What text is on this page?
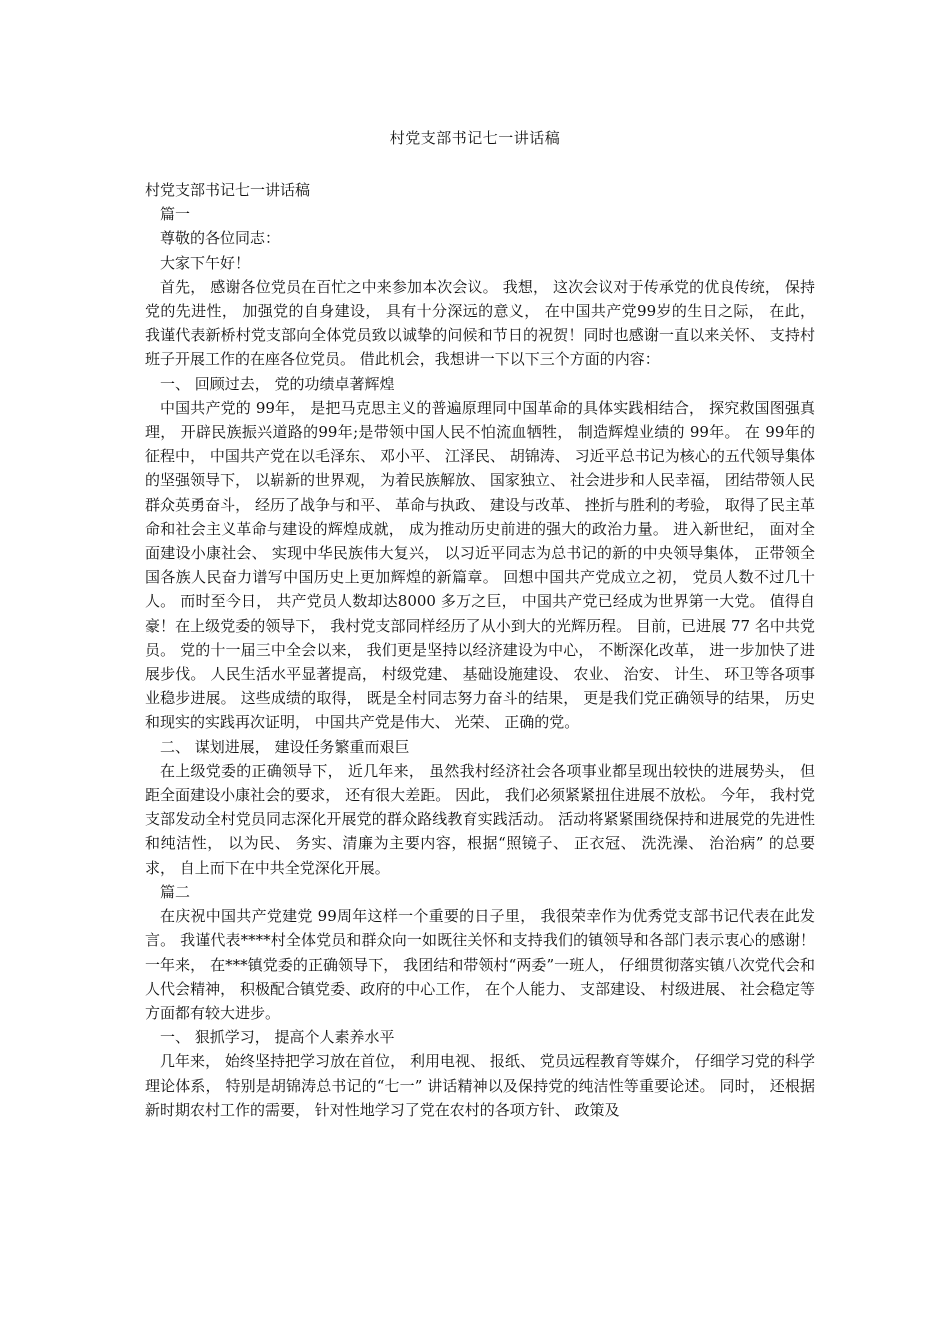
村党支部书记七一讲话稿

村党支部书记七一讲话稿

篇一

尊敬的各位同志：

大家下午好！

首先， 感谢各位党员在百忙之中来参加本次会议。 我想， 这次会议对于传承党的优良传统， 保持党的先进性， 加强党的自身建设， 具有十分深远的意义， 在中国共产党99岁的生日之际， 在此， 我谨代表新桥村党支部向全体党员致以诚挚的问候和节日的祝贺！同时也感谢一直以来关怀、 支持村班子开展工作的在座各位党员。 借此机会，我想讲一下以下三个方面的内容：

一、 回顾过去， 党的功绩卓著辉煌

中国共产党的 99年， 是把马克思主义的普遍原理同中国革命的具体实践相结合， 探究救国图强真理， 开辟民族振兴道路的99年;是带领中国人民不怕流血牺牲， 制造辉煌业绩的 99年。 在 99年的征程中， 中国共产党在以毛泽东、 邓小平、 江泽民、 胡锦涛、 习近平总书记为核心的五代领导集体的坚强领导下， 以崭新的世界观， 为着民族解放、 国家独立、 社会进步和人民幸福， 团结带领人民群众英勇奋斗， 经历了战争与和平、 革命与执政、 建设与改革、 挫折与胜利的考验， 取得了民主革命和社会主义革命与建设的辉煌成就， 成为推动历史前进的强大的政治力量。 进入新世纪， 面对全面建设小康社会、 实现中华民族伟大复兴， 以习近平同志为总书记的新的中央领导集体， 正带领全国各族人民奋力谱写中国历史上更加辉煌的新篇章。 回想中国共产党成立之初， 党员人数不过几十人。 而时至今日， 共产党员人数却达8000 多万之巨， 中国共产党已经成为世界第一大党。 值得自豪！在上级党委的领导下， 我村党支部同样经历了从小到大的光辉历程。 目前，已进展 77 名中共党员。 党的十一届三中全会以来， 我们更是坚持以经济建设为中心， 不断深化改革， 进一步加快了进展步伐。 人民生活水平显著提高， 村级党建、 基础设施建设、 农业、 治安、 计生、 环卫等各项事业稳步进展。 这些成绩的取得， 既是全村同志努力奋斗的结果， 更是我们党正确领导的结果， 历史和现实的实践再次证明， 中国共产党是伟大、 光荣、 正确的党。

二、 谋划进展， 建设任务繁重而艰巨

在上级党委的正确领导下， 近几年来， 虽然我村经济社会各项事业都呈现出较快的进展势头， 但距全面建设小康社会的要求， 还有很大差距。 因此， 我们必须紧紧扭住进展不放松。 今年， 我村党支部发动全村党员同志深化开展党的群众路线教育实践活动。 活动将紧紧围绕保持和进展党的先进性和纯洁性， 以为民、 务实、清廉为主要内容，根据“照镜子、 正衣冠、 洗洗澡、 治治病” 的总要求， 自上而下在中共全党深化开展。

篇二

在庆祝中国共产党建党 99周年这样一个重要的日子里， 我很荣幸作为优秀党支部书记代表在此发言。 我谨代表****村全体党员和群众向一如既往关怀和支持我们的镇领导和各部门表示衷心的感谢！一年来， 在***镇党委的正确领导下， 我团结和带领村“两委”一班人， 仔细贯彻落实镇八次党代会和人代会精神， 积极配合镇党委、政府的中心工作， 在个人能力、 支部建设、 村级进展、 社会稳定等方面都有较大进步。

一、 狠抓学习， 提高个人素养水平

几年来， 始终坚持把学习放在首位， 利用电视、 报纸、 党员远程教育等媒介， 仔细学习党的科学理论体系， 特别是胡锦涛总书记的“七一” 讲话精神以及保持党的纯洁性等重要论述。 同时， 还根据新时期农村工作的需要， 针对性地学习了党在农村的各项方针、 政策及
